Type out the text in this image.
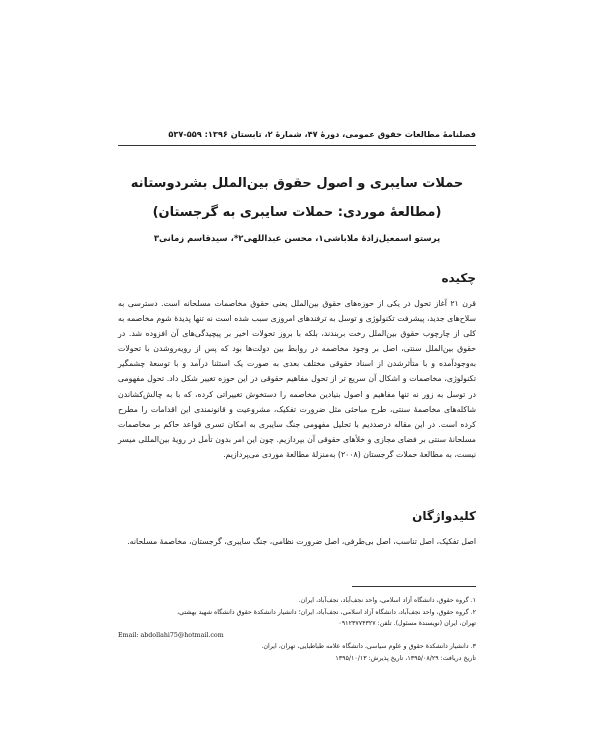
فصلنامهٔ مطالعات حقوق عمومی، دورهٔ ۴۷، شمارهٔ ۲، تابستان ۱۳۹۶: ۵۵۹-۵۳۷
حملات سایبری و اصول حقوق بین‌الملل بشردوستانه
(مطالعهٔ موردی: حملات سایبری به گرجستان)
پرستو اسمعیل‌زادهٔ ملاباشی۱، محسن عبداللهی۲*، سیدقاسم زمانی۳
چکیده
قرن ۲۱ آغاز تحول در یکی از حوزه‌های حقوق بین‌الملل یعنی حقوق مخاصمات مسلحانه است. دسترسی به سلاح‌های جدید، پیشرفت تکنولوژی و توسل به ترفندهای امروزی سبب شده است نه تنها پدیدهٔ شوم مخاصمه به کلی از چارچوب حقوق بین‌الملل رخت بربندند، بلکه با بروز تحولات اخیر بر پیچیدگی‌های آن افزوده شد. در حقوق بین‌الملل سنتی، اصل بر وجود مخاصمه در روابط بین دولت‌ها بود که پس از رویه‌روشدن با تحولات به‌وجودآمده و با متأثرشدن از اسناد حقوقی مختلف بعدی به صورت یک استثنا درآمد و با توسعهٔ چشمگیر تکنولوژی، مخاصمات و اشکال آن سریع تر از تحول مفاهیم حقوقی در این حوزه تغییر شکل داد. تحول مفهومی در توسل به زور نه تنها مفاهیم و اصول بنیادین مخاصمه را دستخوش تغییراتی کرده، که با به چالش‌کشاندن شاکله‌های مخاصمهٔ سنتی، طرح مباحثی مثل ضرورت تفکیک، مشروعیت و قانونمندی این اقدامات را مطرح کرده است. در این مقاله درصددیم با تحلیل مفهومی جنگ سایبری به امکان تسری قواعد حاکم بر مخاصمات مسلحانهٔ سنتی بر فضای مجازی و خلأهای حقوقی آن بپردازیم. چون این امر بدون تأمل در رویهٔ بین‌المللی میسر نیست، به مطالعهٔ حملات گرجستان (۲۰۰۸) به‌منزلهٔ مطالعهٔ موردی می‌پردازیم.
کلیدواژگان
اصل تفکیک، اصل تناسب، اصل بی‌طرفی، اصل ضرورت نظامی، جنگ سایبری، گرجستان، مخاصمهٔ مسلحانه.
۱. گروه حقوق، دانشگاه آزاد اسلامی، واحد نجف‌آباد، نجف‌آباد، ایران.
۲. گروه حقوق، واحد نجف‌آباد، دانشگاه آزاد اسلامی، نجف‌آباد، ایران؛ دانشیار دانشکدهٔ حقوق دانشگاه شهید بهشتی،
تهران، ایران (نویسندهٔ مسئول). تلفن: ۰۹۱۲۳۷۷۴۳۲۷
Email: abdollahi75@hotmail.com
۳. دانشیار دانشکدهٔ حقوق و علوم سیاسی، دانشگاه علامه طباطبایی، تهران، ایران.
تاریخ دریافت: ۱۳۹۵/۰۸/۲۹، تاریخ پذیرش: ۱۳۹۵/۱۰/۱۳
